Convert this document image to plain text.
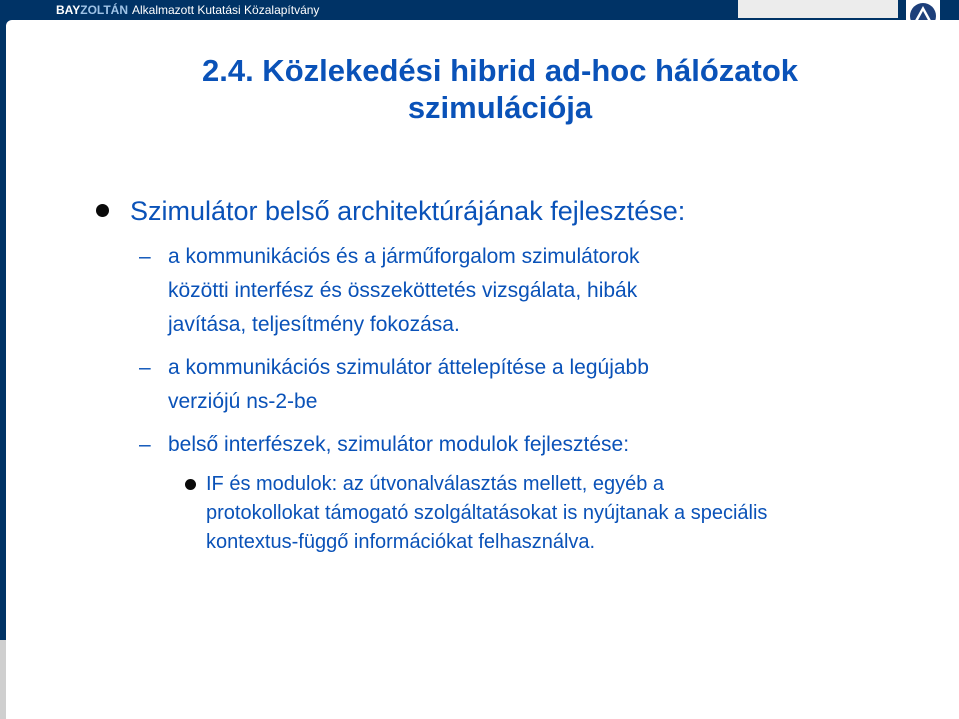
BAYZOLTÁN Alkalmazott Kutatási Közalapítvány
2.4. Közlekedési hibrid ad-hoc hálózatok
szimulációja
Szimulátor belső architektúrájának fejlesztése:
– a kommunikációs és a járműforgalom szimulátorok
közötti interfész és összeköttetés vizsgálata, hibák
javítása, teljesítmény fokozása.
– a kommunikációs szimulátor áttelepítése a legújabb
verziójú ns-2-be
– belső interfészek, szimulátor modulok fejlesztése:
IF és modulok: az útvonalválasztás mellett, egyéb a
protokollokat támogató szolgáltatásokat is nyújtanak a speciális
kontextus-függő információkat felhasználva.
